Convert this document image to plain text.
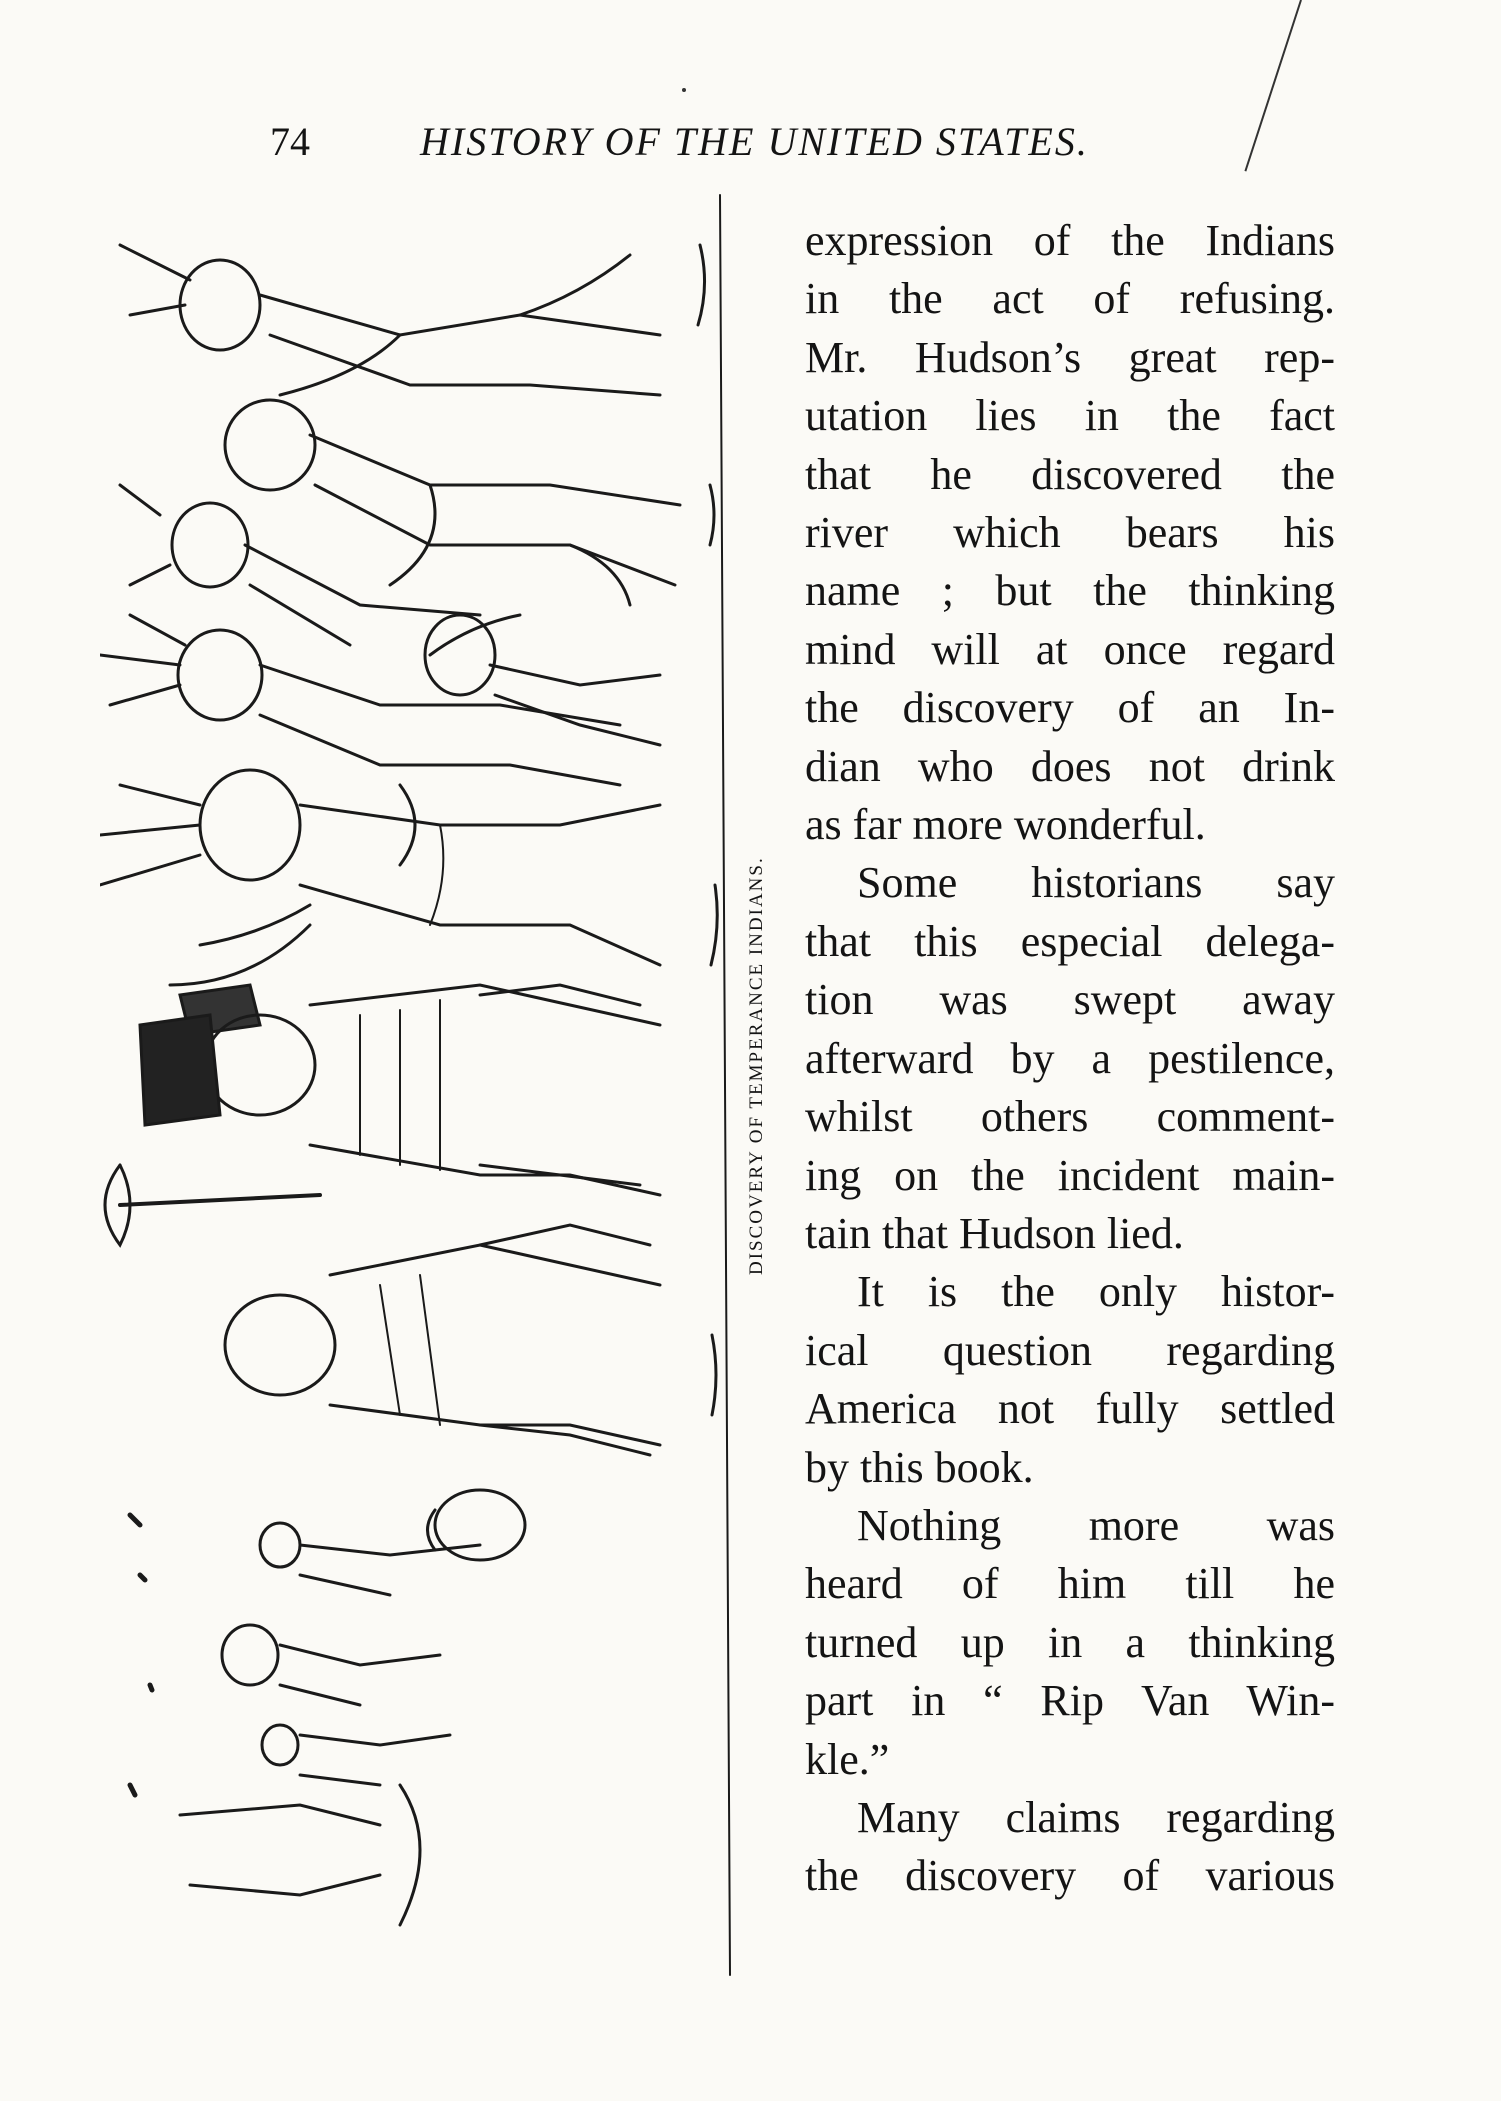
74	HISTORY OF THE UNITED STATES.
DISCOVERY OF TEMPERANCE INDIANS.

expression of the Indians

in the act of refusing.

Mr. Hudson’s great rep-

utation lies in the fact

that he discovered the

river which bears his

name ; but the thinking

mind will at once regard

the discovery of an In-

dian who does not drink

as far more wonderful.

Some historians say

that this especial delega-

tion was swept away

afterward by a pestilence,

whilst others comment-

ing on the incident main-

tain that Hudson lied.

It is the only histor-

ical question regarding

America not fully settled

by this book.

Nothing more was

heard of him till he

turned up in a thinking

part in “ Rip Van Win-

kle.”

Many claims regarding

the discovery of various
